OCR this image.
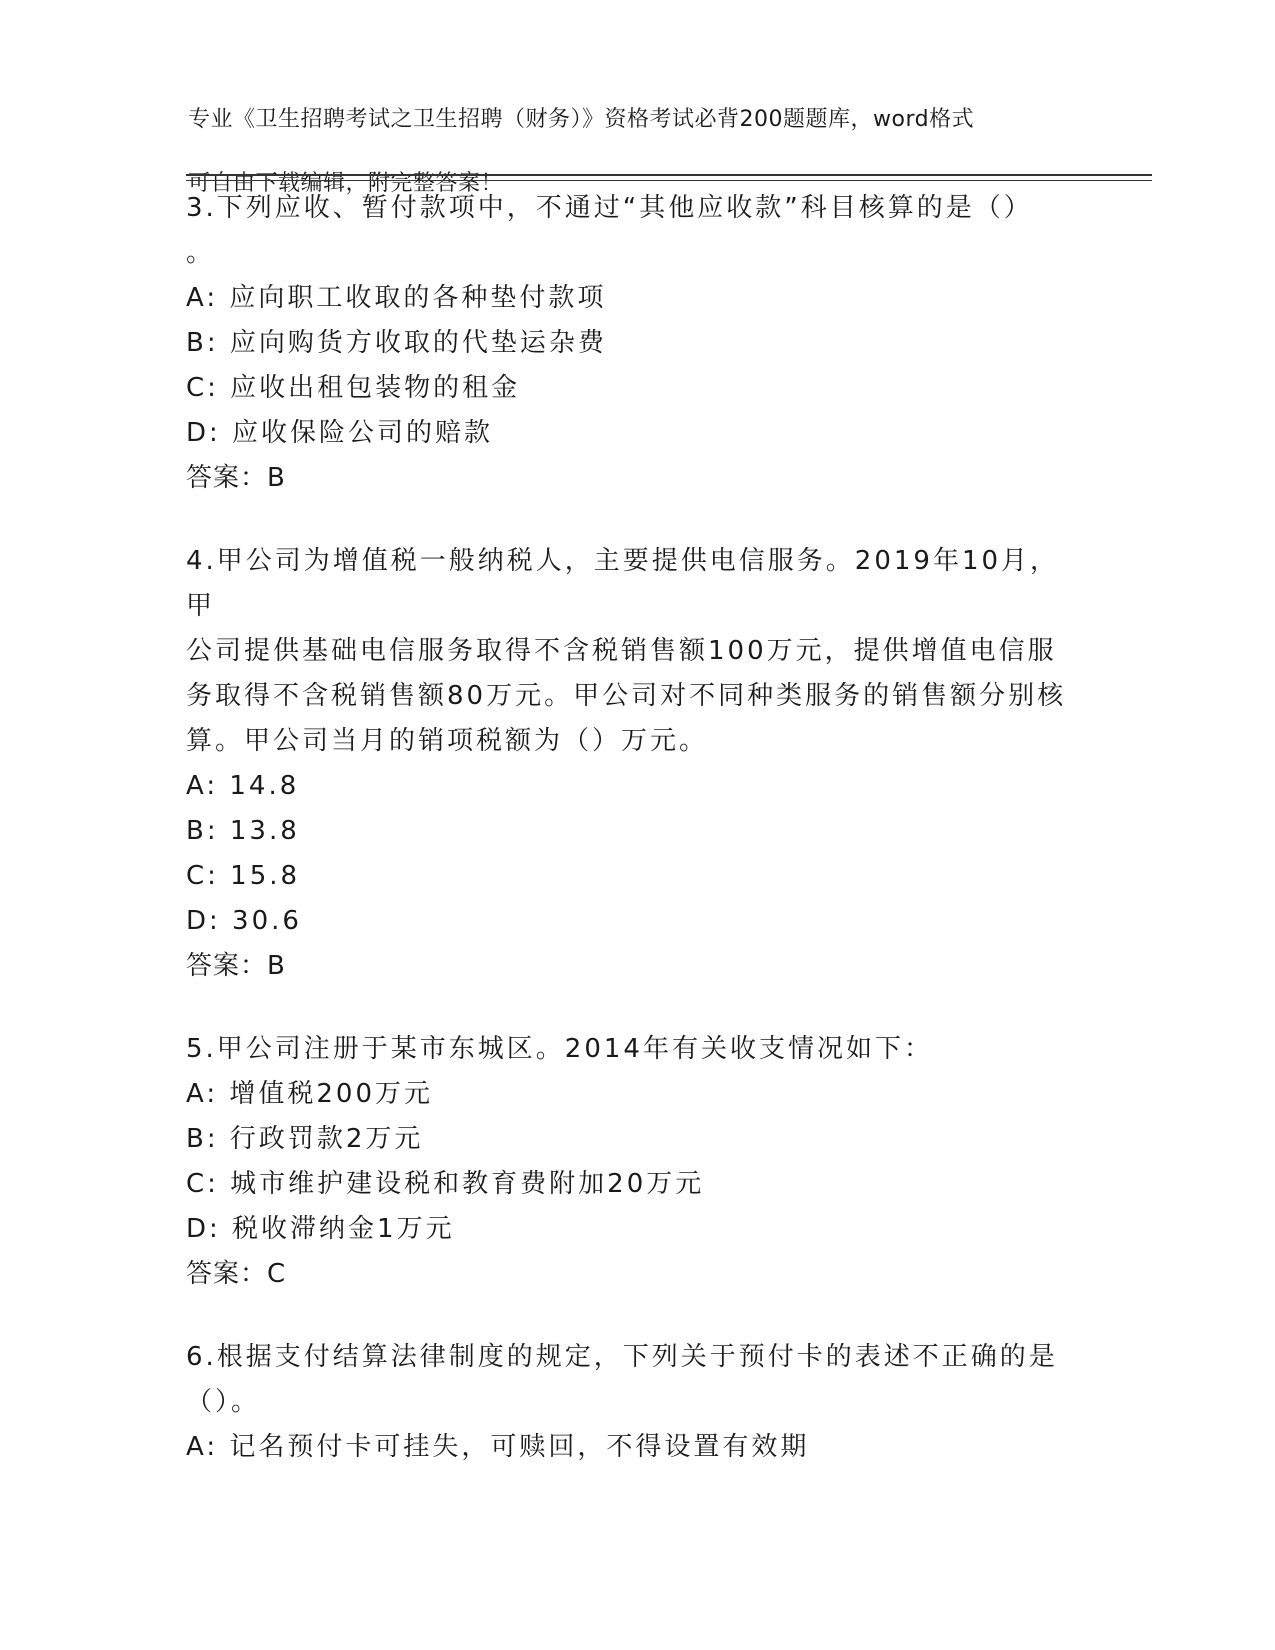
专业《卫生招聘考试之卫生招聘（财务）》资格考试必背200题题库，word格式

可自由下载编辑，附完整答案！

3.下列应收、暂付款项中，不通过“其他应收款”科目核算的是（）

。

A: 应向职工收取的各种垫付款项

B: 应向购货方收取的代垫运杂费

C: 应收出租包装物的租金

D: 应收保险公司的赔款

答案：B

4.甲公司为增值税一般纳税人，主要提供电信服务。2019年10月，甲

公司提供基础电信服务取得不含税销售额100万元，提供增值电信服

务取得不含税销售额80万元。甲公司对不同种类服务的销售额分别核

算。甲公司当月的销项税额为（）万元。

A: 14.8

B: 13.8

C: 15.8

D: 30.6

答案：B

5.甲公司注册于某市东城区。2014年有关收支情况如下：

A: 增值税200万元

B: 行政罚款2万元

C: 城市维护建设税和教育费附加20万元

D: 税收滞纳金1万元

答案：C

6.根据支付结算法律制度的规定，下列关于预付卡的表述不正确的是

（）。

A: 记名预付卡可挂失，可赎回，不得设置有效期
